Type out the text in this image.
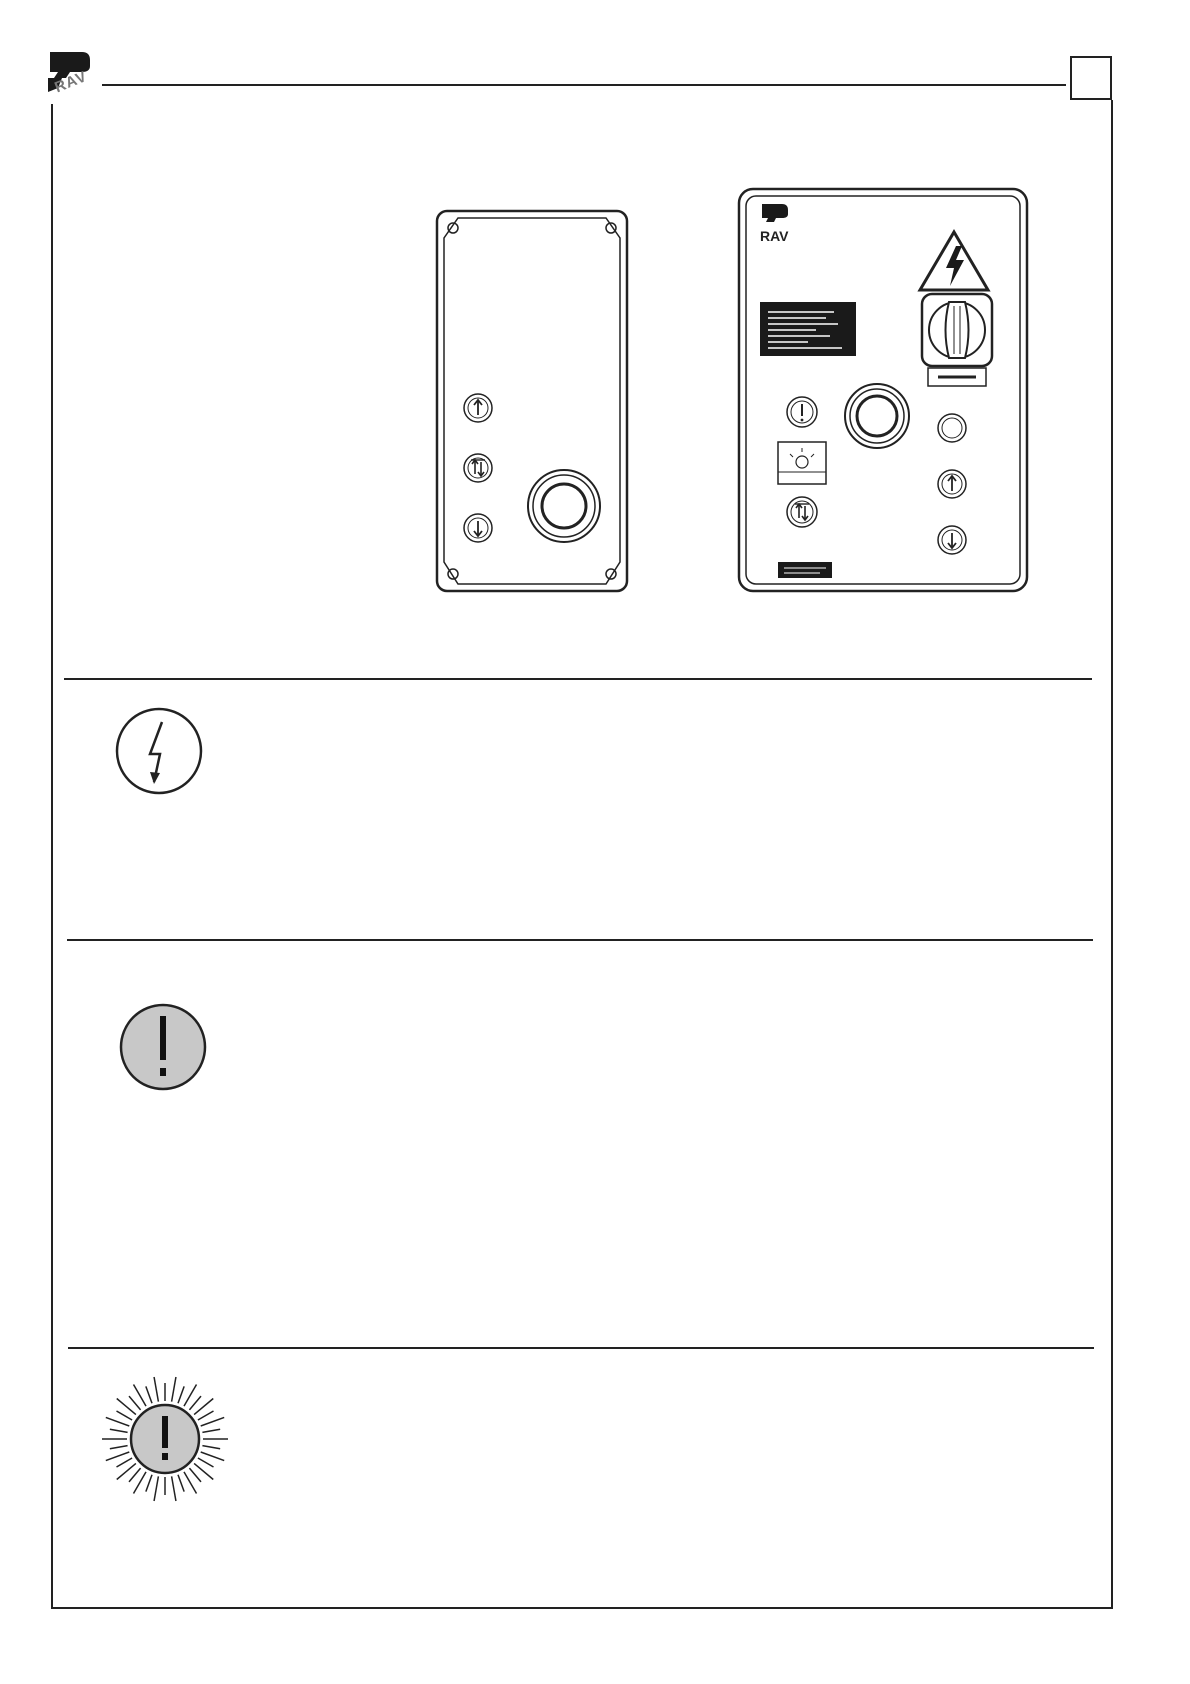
RAV
RAV
